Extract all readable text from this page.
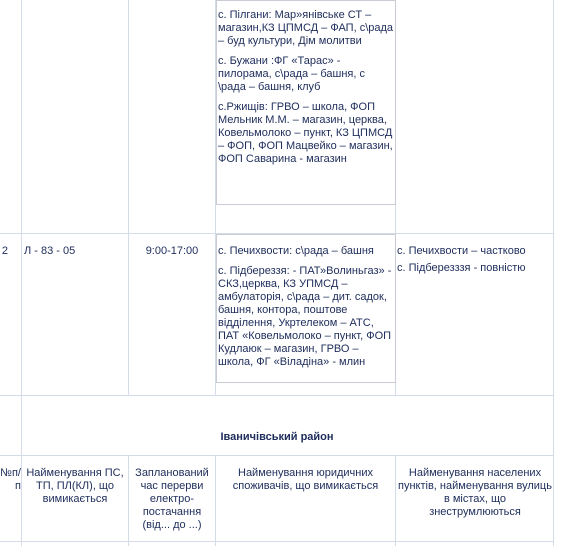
с. Пілгани: Мар»янівське СТ – магазин,КЗ ЦПМСД – ФАП, с\рада – буд культури, Дім молитви

с. Бужани :ФГ «Тарас» - пилорама, с\рада – башня, с \рада – башня, клуб

с.Ржищів: ГРВО – школа, ФОП Мельник М.М. – магазин, церква, Ковельмолоко – пункт, КЗ ЦПМСД – ФОП, ФОП Мацвейко – магазин, ФОП Саварина - магазин

2 Л - 83 - 05	9:00-17:00	с. Печихвости: с\рада – башня

с. Підбереззя: - ПАТ»Волиньгаз» - СКЗ,церква, КЗ УПМСД – амбулаторія, с\рада – дит. садок, башня, контора, поштове відділення, Укртелеком – АТС, ПАТ «Ковельмолоко – пункт, ФОП Кудлаюк – магазин, ГРВО – школа, ФГ «Віладіна» - млин

с. Печихвости – частково

с. Підберезззя - повністю

Іваничівський район
№п/п
Найменування ПС, ТП, ПЛ(КЛ), що вимикається
Запланований час перерви електро-постачання (від... до ...)
Найменування юридичних споживачів, що вимикається
Найменування населених пунктів, найменування вулиць в містах, що знеструмлюються
